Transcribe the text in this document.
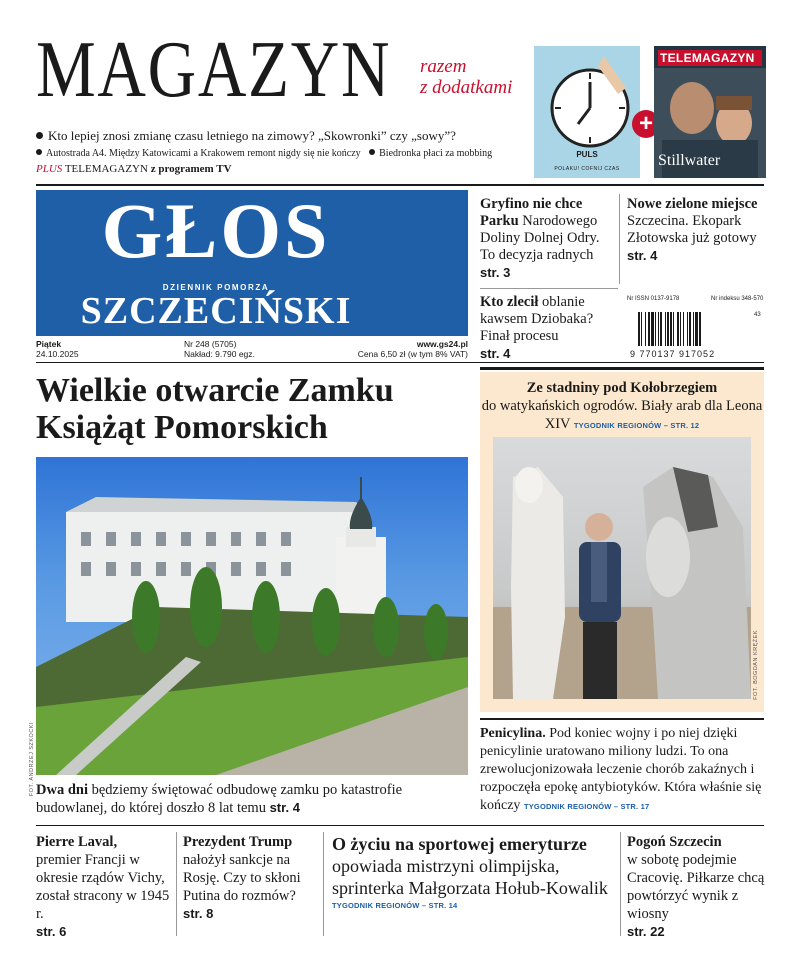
MAGAZYN razem
z dodatkami
Kto lepiej znosi zmianę czasu letniego na zimowy? „Skowronki” czy „sowy”?
Autostrada A4. Między Katowicami a Krakowem remont nigdy się nie kończy Biedronka płaci za mobbing
PLUS TELEMAGAZYN z programem TV
PULS
POLAKU! COFNIJ CZAS
+
TELEMAGAZYN
Stillwater
GŁOS
DZIENNIK POMORZA
SZCZECIŃSKI
Piątek
24.10.2025
Nr 248 (5705)
Nakład: 9.790 egz.
www.gs24.pl
Cena 6,50 zł (w tym 8% VAT)
Gryfino nie chce Parku Narodowego Doliny Dolnej Odry. To decyzja radnych
str. 3
Nowe zielone miejsce Szczecina. Ekopark Złotowska już gotowy
str. 4
Kto zlecił oblanie kawsem Dziobaka? Finał procesu
str. 4
Nr ISSN 0137-9178	Nr indeksu 348-570
43
9 770137 917052
Wielkie otwarcie Zamku
Książąt Pomorskich
FOT. ANDRZEJ SZKOCKI Dwa dni będziemy świętować odbudowę zamku po katastrofie budowlanej, do której doszło 8 lat temu str. 4
Ze stadniny pod Kołobrzegiem
do watykańskich ogrodów. Biały arab dla Leona XIV TYGODNIK REGIONÓW – STR. 12
FOT. BOGDAN KRĘŻEK
Penicylina. Pod koniec wojny i po niej dzięki penicylinie uratowano miliony ludzi. To ona zrewolucjonizowała leczenie chorób zakaźnych i rozpoczęła epokę antybiotyków. Która właśnie się kończy TYGODNIK REGIONÓW – STR. 17
Pierre Laval,
premier Francji w okresie rządów Vichy, został stracony w 1945 r.
str. 6
Prezydent Trump
nałożył sankcje na Rosję. Czy to skłoni Putina do rozmów?
str. 8
O życiu na sportowej emeryturze opowiada mistrzyni olimpijska, sprinterka Małgorzata Hołub-Kowalik
TYGODNIK REGIONÓW – STR. 14
Pogoń Szczecin
w sobotę podejmie Cracovię. Piłkarze chcą powtórzyć wynik z wiosny
str. 22
